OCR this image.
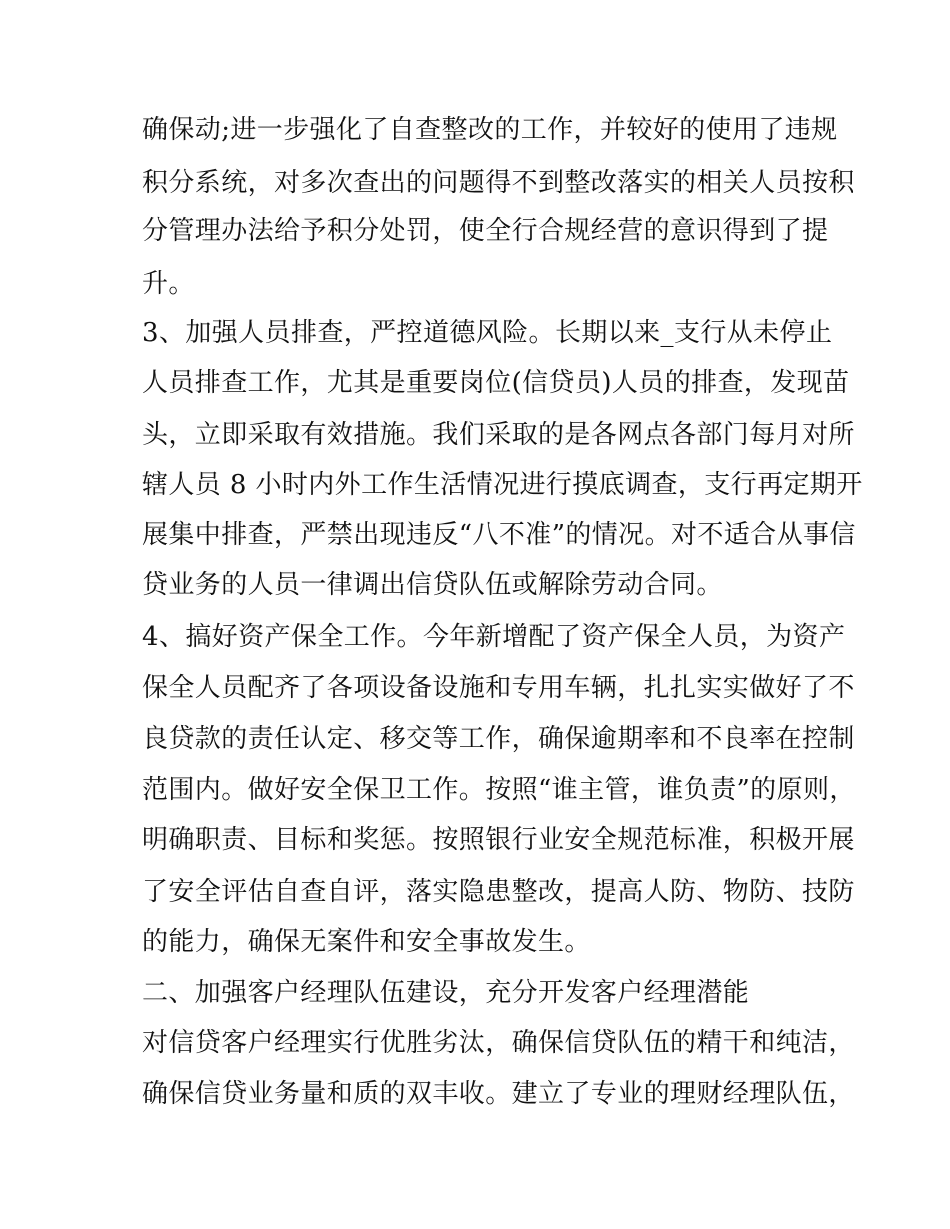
确保动;进一步强化了自查整改的工作，并较好的使用了违规
积分系统，对多次查出的问题得不到整改落实的相关人员按积
分管理办法给予积分处罚，使全行合规经营的意识得到了提
升。
3、加强人员排查，严控道德风险。长期以来_支行从未停止
人员排查工作，尤其是重要岗位(信贷员)人员的排查，发现苗
头，立即采取有效措施。我们采取的是各网点各部门每月对所
辖人员 8 小时内外工作生活情况进行摸底调查，支行再定期开
展集中排查，严禁出现违反“八不准”的情况。对不适合从事信
贷业务的人员一律调出信贷队伍或解除劳动合同。
4、搞好资产保全工作。今年新增配了资产保全人员，为资产
保全人员配齐了各项设备设施和专用车辆，扎扎实实做好了不
良贷款的责任认定、移交等工作，确保逾期率和不良率在控制
范围内。做好安全保卫工作。按照“谁主管，谁负责”的原则，
明确职责、目标和奖惩。按照银行业安全规范标准，积极开展
了安全评估自查自评，落实隐患整改，提高人防、物防、技防
的能力，确保无案件和安全事故发生。
二、加强客户经理队伍建设，充分开发客户经理潜能
对信贷客户经理实行优胜劣汰，确保信贷队伍的精干和纯洁，
确保信贷业务量和质的双丰收。建立了专业的理财经理队伍，
